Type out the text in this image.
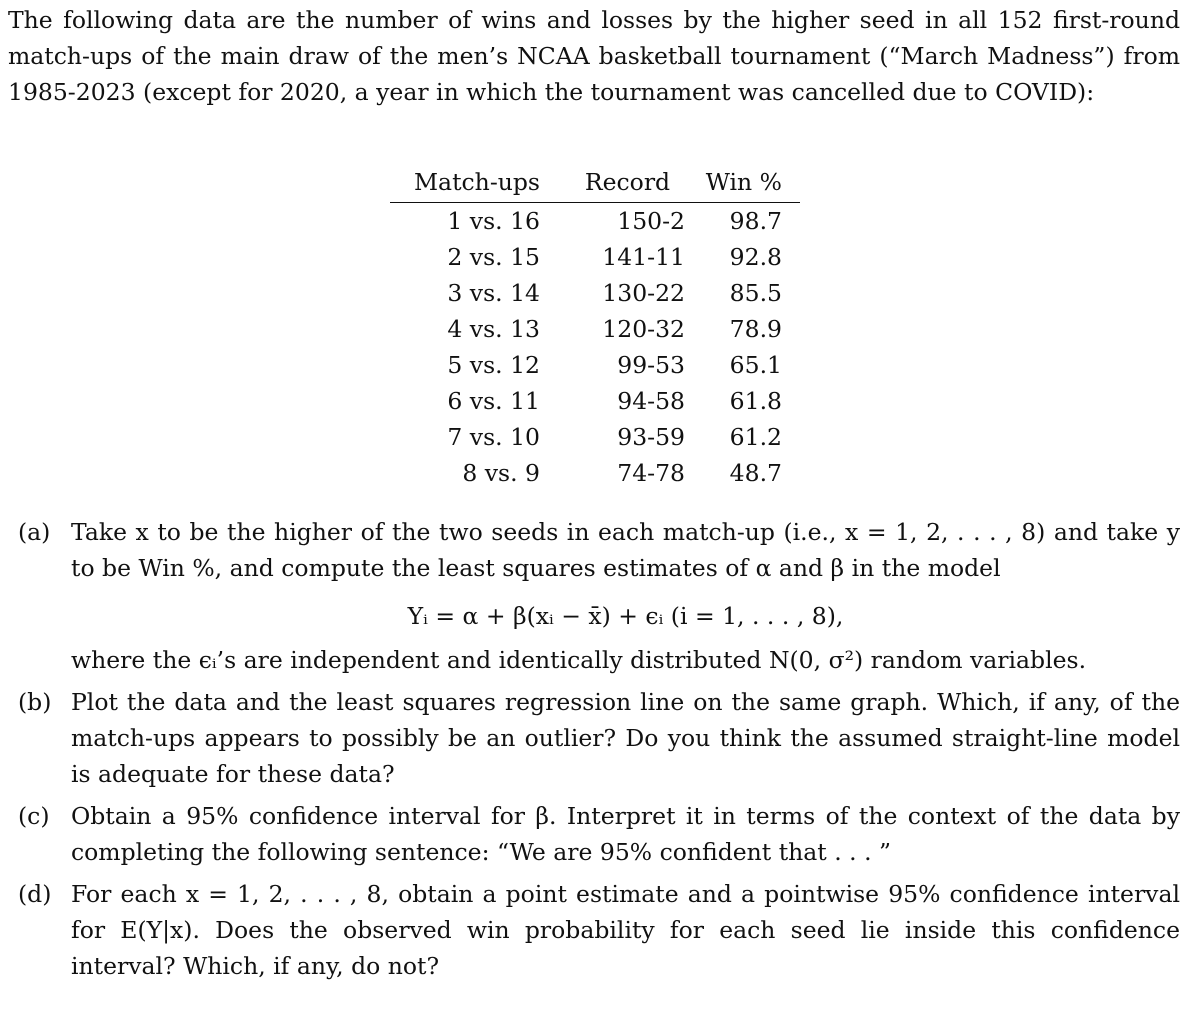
The following data are the number of wins and losses by the higher seed in all 152 first-round match-ups of the main draw of the men’s NCAA basketball tournament (“March Madness”) from 1985-2023 (except for 2020, a year in which the tournament was cancelled due to COVID):
Match-ups	Record	Win %
1 vs. 16	150-2	98.7
2 vs. 15	141-11	92.8
3 vs. 14	130-22	85.5
4 vs. 13	120-32	78.9
5 vs. 12	99-53	65.1
6 vs. 11	94-58	61.8
7 vs. 10	93-59	61.2
8 vs. 9	74-78	48.7
(a) Take x to be the higher of the two seeds in each match-up (i.e., x = 1, 2, . . . , 8) and take y to be Win %, and compute the least squares estimates of α and β in the model
Yᵢ = α + β(xᵢ − x̄) + ϵᵢ (i = 1, . . . , 8),
where the ϵᵢ’s are independent and identically distributed N(0, σ²) random variables.
(b) Plot the data and the least squares regression line on the same graph. Which, if any, of the match-ups appears to possibly be an outlier? Do you think the assumed straight-line model is adequate for these data?
(c) Obtain a 95% confidence interval for β. Interpret it in terms of the context of the data by completing the following sentence: “We are 95% confident that . . . ”
(d) For each x = 1, 2, . . . , 8, obtain a point estimate and a pointwise 95% confidence interval for E(Y|x). Does the observed win probability for each seed lie inside this confidence interval? Which, if any, do not?
